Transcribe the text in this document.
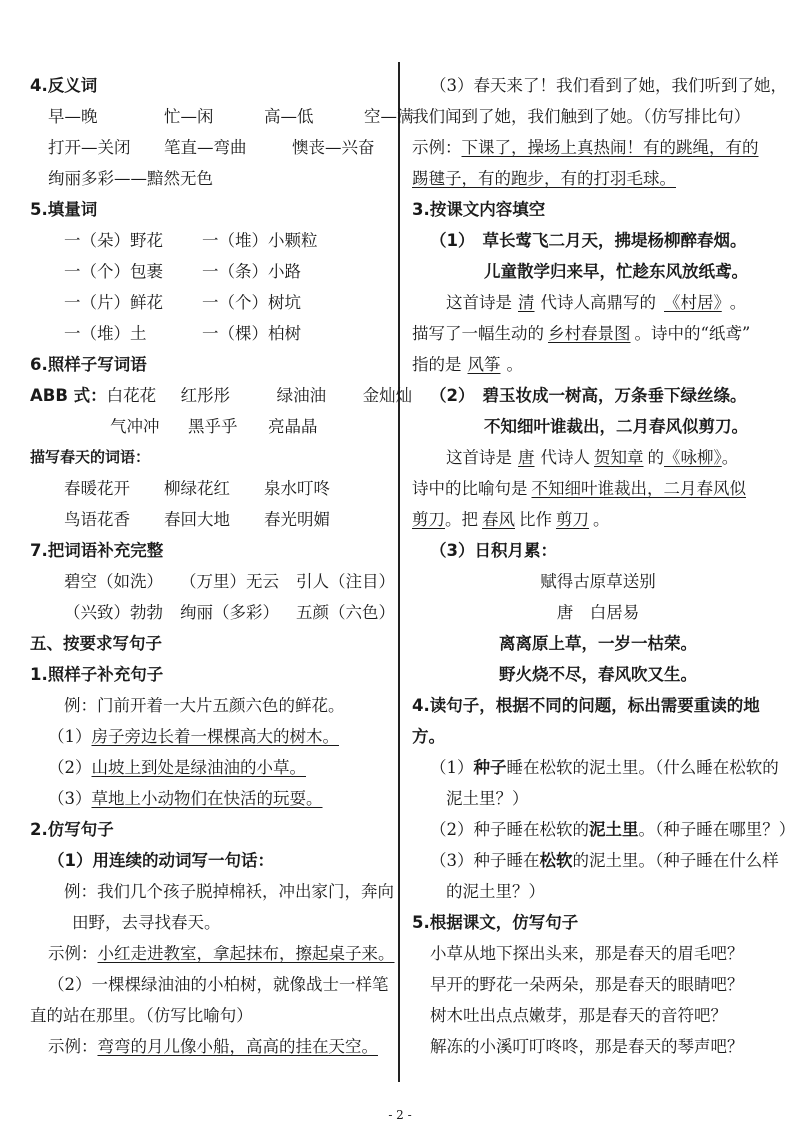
4.反义词
早—晚	忙—闲	高—低	空—满
打开—关闭 笔直—弯曲	懊丧—兴奋
绚丽多彩——黯然无色
5.填量词
一（朵）野花 一（堆）小颗粒
一（个）包裹 一（条）小路
一（片）鲜花 一（个）树坑
一（堆）土	一（棵）柏树
6.照样子写词语
ABB 式：白花花 红彤彤	绿油油 金灿灿
气冲冲 黑乎乎 亮晶晶
描写春天的词语：
春暖花开 柳绿花红 泉水叮咚
鸟语花香 春回大地 春光明媚
7.把词语补充完整
碧空（如洗） （万里）无云 引人（注目）
（兴致）勃勃 绚丽（多彩） 五颜（六色）
五、按要求写句子
1.照样子补充句子
例：门前开着一大片五颜六色的鲜花。
（1）房子旁边长着一棵棵高大的树木。
（2）山坡上到处是绿油油的小草。
（3）草地上小动物们在快活的玩耍。
2.仿写句子
（1）用连续的动词写一句话：
例：我们几个孩子脱掉棉袄，冲出家门，奔向
田野，去寻找春天。
示例：小红走进教室，拿起抹布，擦起桌子来。
（2）一棵棵绿油油的小柏树，就像战士一样笔
直的站在那里。（仿写比喻句）
示例：弯弯的月儿像小船，高高的挂在天空。
（3）春天来了！我们看到了她，我们听到了她，
我们闻到了她，我们触到了她。（仿写排比句）
示例：下课了，操场上真热闹！有的跳绳，有的
踢毽子，有的跑步，有的打羽毛球。
3.按课文内容填空
（1） 草长莺飞二月天，拂堤杨柳醉春烟。
儿童散学归来早，忙趁东风放纸鸢。
这首诗是 清 代诗人高鼎写的 《村居》 。
描写了一幅生动的 乡村春景图 。诗中的“纸鸢”
指的是 风筝 。
（2） 碧玉妆成一树高，万条垂下绿丝绦。
不知细叶谁裁出，二月春风似剪刀。
这首诗是 唐 代诗人 贺知章 的《咏柳》。
诗中的比喻句是 不知细叶谁裁出，二月春风似
剪刀。把 春风 比作 剪刀 。
（3）日积月累：
赋得古原草送别
唐　白居易
离离原上草，一岁一枯荣。
野火烧不尽，春风吹又生。
4.读句子，根据不同的问题，标出需要重读的地
方。
（1）种子睡在松软的泥土里。（什么睡在松软的
泥土里？）
（2）种子睡在松软的泥土里。（种子睡在哪里？）
（3）种子睡在松软的泥土里。（种子睡在什么样
的泥土里？）
5.根据课文，仿写句子
小草从地下探出头来，那是春天的眉毛吧？
早开的野花一朵两朵，那是春天的眼睛吧？
树木吐出点点嫩芽，那是春天的音符吧？
解冻的小溪叮叮咚咚，那是春天的琴声吧？
- 2 -
